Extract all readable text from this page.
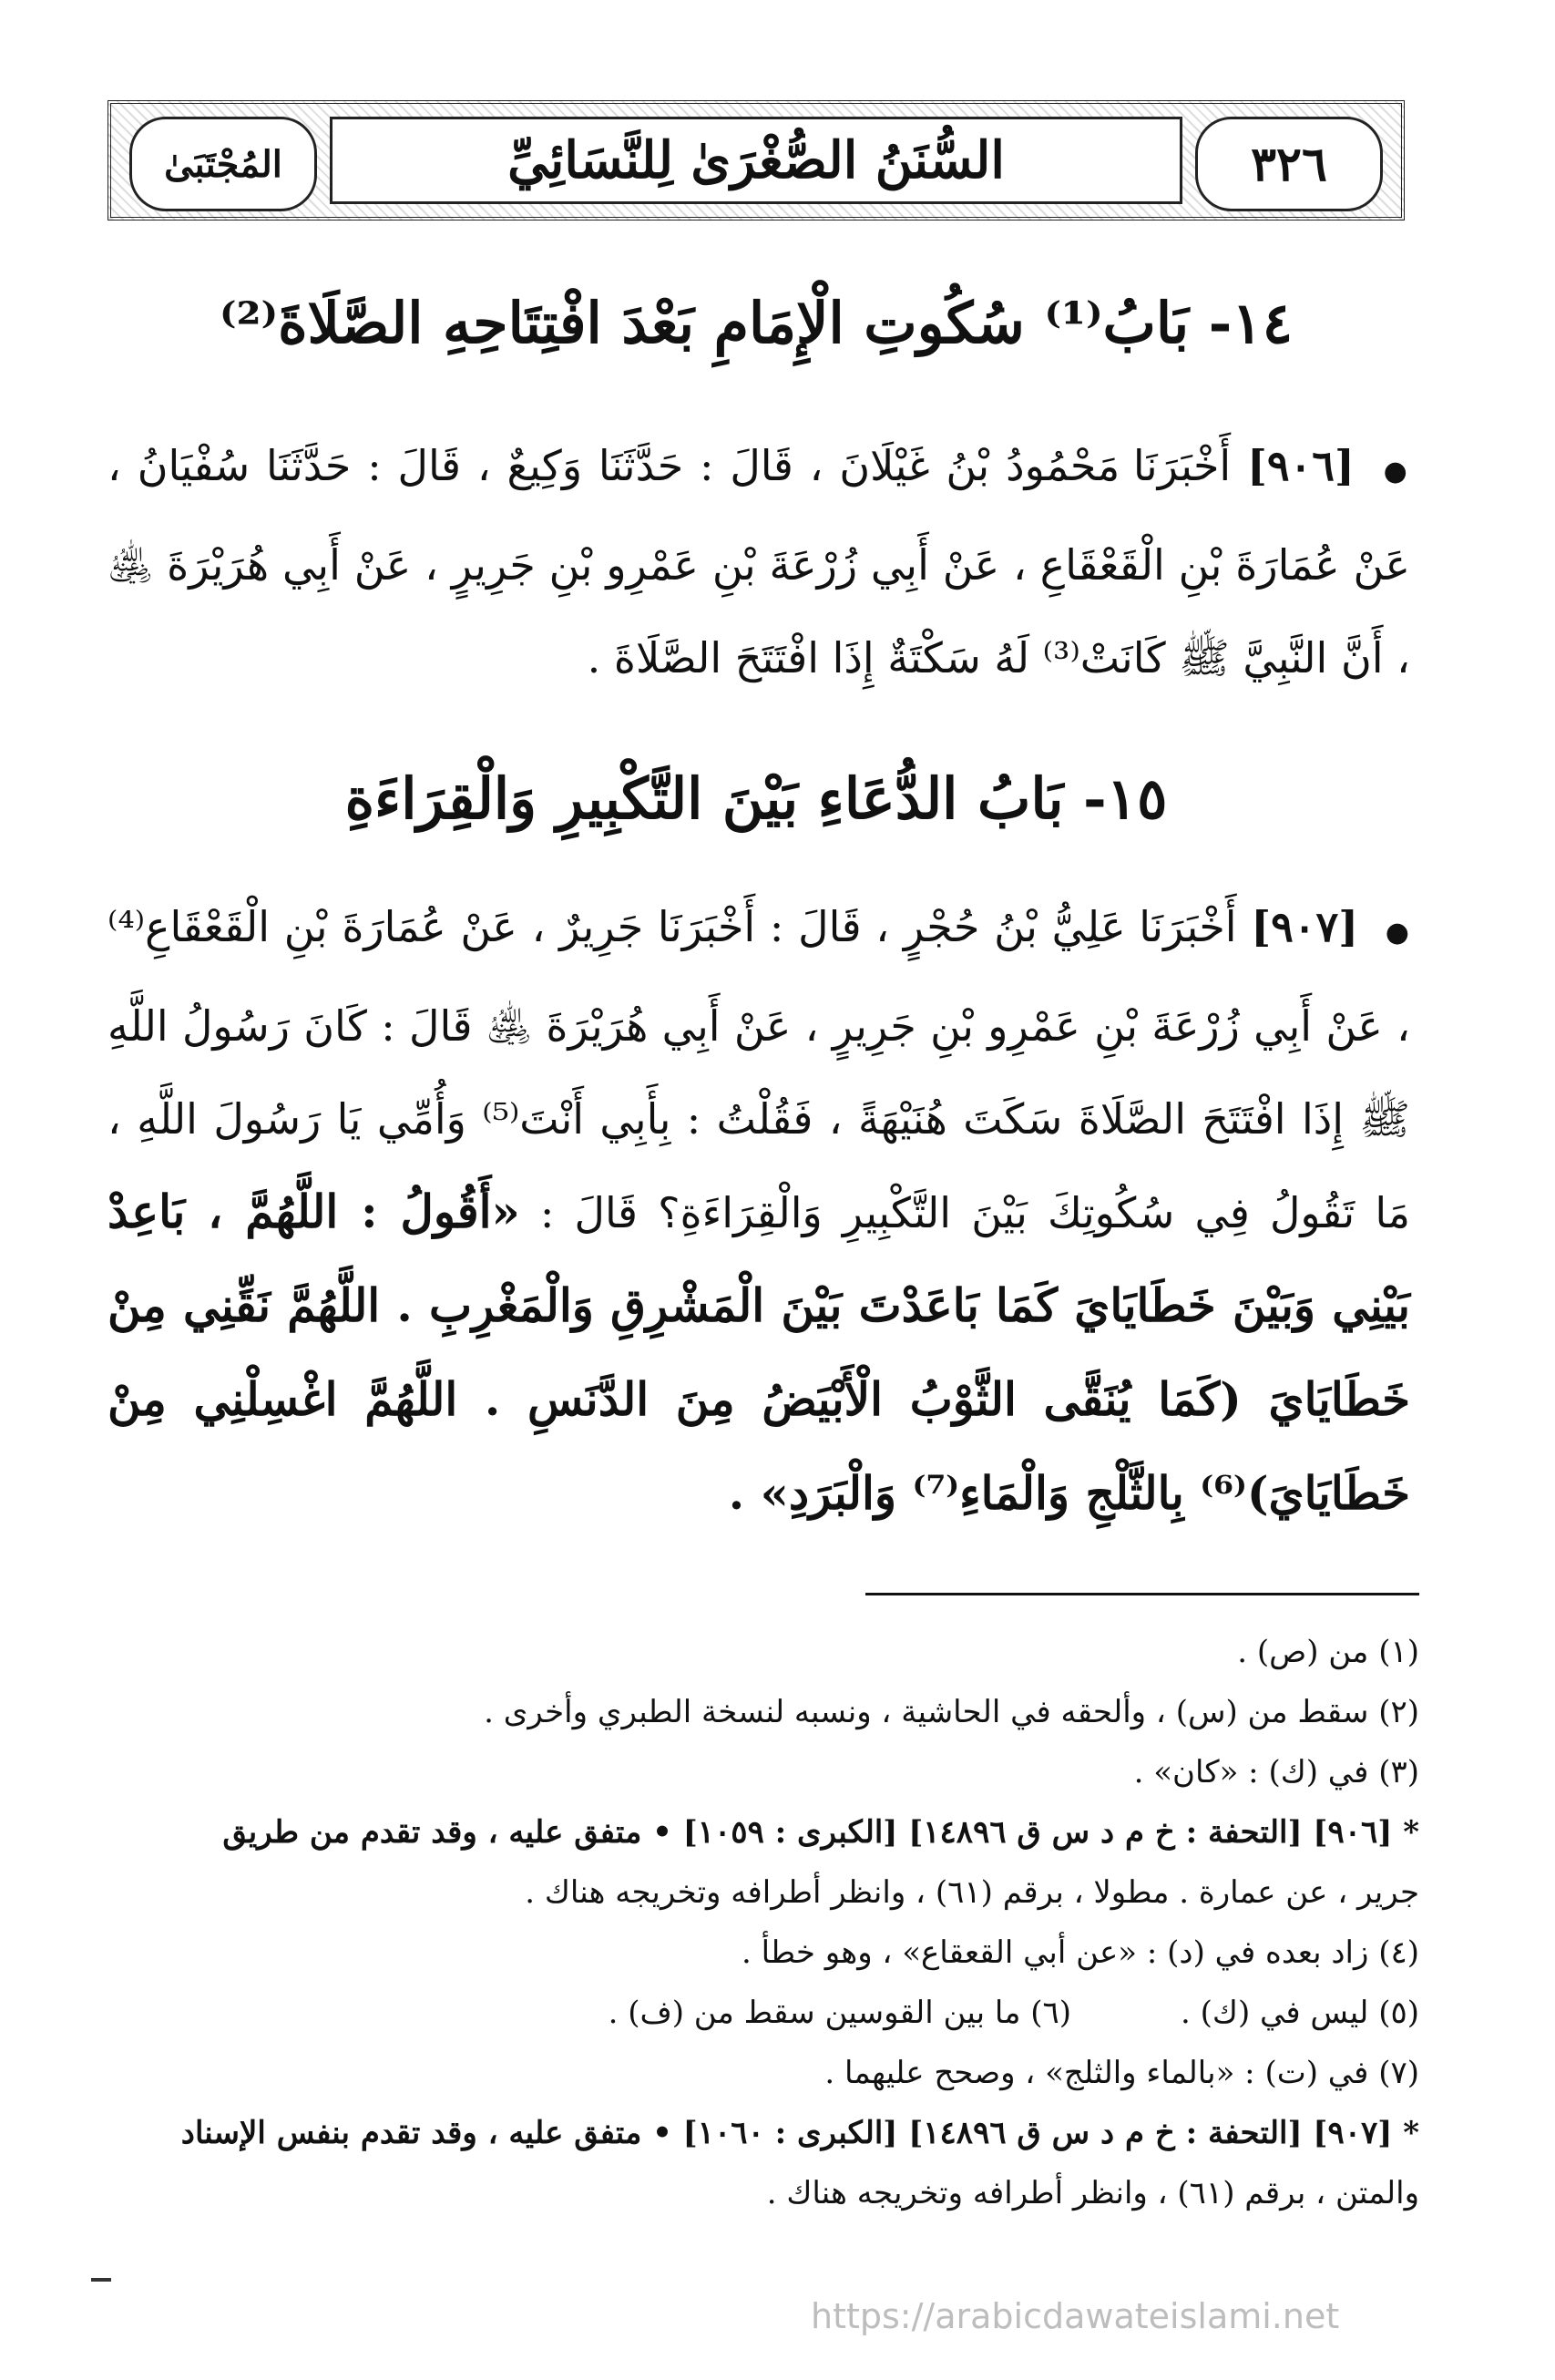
٣٢٦
السُّنَنُ الصُّغْرَىٰ لِلنَّسَائِيِّ
المُجْتَبَىٰ
١٤- بَابُ⁽¹⁾ سُكُوتِ الْإِمَامِ بَعْدَ افْتِتَاحِهِ الصَّلَاةَ⁽²⁾
● [٩٠٦] أَخْبَرَنَا مَحْمُودُ بْنُ غَيْلَانَ ، قَالَ : حَدَّثَنَا وَكِيعٌ ، قَالَ : حَدَّثَنَا سُفْيَانُ ، عَنْ عُمَارَةَ بْنِ الْقَعْقَاعِ ، عَنْ أَبِي زُرْعَةَ بْنِ عَمْرِو بْنِ جَرِيرٍ ، عَنْ أَبِي هُرَيْرَةَ ﵁ ، أَنَّ النَّبِيَّ ﷺ كَانَتْ⁽³⁾ لَهُ سَكْتَةٌ إِذَا افْتَتَحَ الصَّلَاةَ .
١٥- بَابُ الدُّعَاءِ بَيْنَ التَّكْبِيرِ وَالْقِرَاءَةِ
● [٩٠٧] أَخْبَرَنَا عَلِيُّ بْنُ حُجْرٍ ، قَالَ : أَخْبَرَنَا جَرِيرٌ ، عَنْ عُمَارَةَ بْنِ الْقَعْقَاعِ⁽⁴⁾ ، عَنْ أَبِي زُرْعَةَ بْنِ عَمْرِو بْنِ جَرِيرٍ ، عَنْ أَبِي هُرَيْرَةَ ﵁ قَالَ : كَانَ رَسُولُ اللَّهِ ﷺ إِذَا افْتَتَحَ الصَّلَاةَ سَكَتَ هُنَيْهَةً ، فَقُلْتُ : بِأَبِي أَنْتَ⁽⁵⁾ وَأُمِّي يَا رَسُولَ اللَّهِ ، مَا تَقُولُ فِي سُكُوتِكَ بَيْنَ التَّكْبِيرِ وَالْقِرَاءَةِ؟ قَالَ : «أَقُولُ : اللَّهُمَّ ، بَاعِدْ بَيْنِي وَبَيْنَ خَطَايَايَ كَمَا بَاعَدْتَ بَيْنَ الْمَشْرِقِ وَالْمَغْرِبِ . اللَّهُمَّ نَقِّنِي مِنْ خَطَايَايَ (كَمَا يُنَقَّى الثَّوْبُ الْأَبْيَضُ مِنَ الدَّنَسِ . اللَّهُمَّ اغْسِلْنِي مِنْ خَطَايَايَ)⁽⁶⁾ بِالثَّلْجِ وَالْمَاءِ⁽⁷⁾ وَالْبَرَدِ» .
(١) من (ص) .
(٢) سقط من (س) ، وألحقه في الحاشية ، ونسبه لنسخة الطبري وأخرى .
(٣) في (ك) : «كان» .
* [٩٠٦] [التحفة : خ م د س ق ١٤٨٩٦] [الكبرى : ١٠٥٩] • متفق عليه ، وقد تقدم من طريق
جرير ، عن عمارة . مطولا ، برقم (٦١) ، وانظر أطرافه وتخريجه هناك .
(٤) زاد بعده في (د) : «عن أبي القعقاع» ، وهو خطأ .
(٥) ليس في (ك) .
(٦) ما بين القوسين سقط من (ف) .
(٧) في (ت) : «بالماء والثلج» ، وصحح عليهما .
* [٩٠٧] [التحفة : خ م د س ق ١٤٨٩٦] [الكبرى : ١٠٦٠] • متفق عليه ، وقد تقدم بنفس الإسناد
والمتن ، برقم (٦١) ، وانظر أطرافه وتخريجه هناك .
https://arabicdawateislami.net
